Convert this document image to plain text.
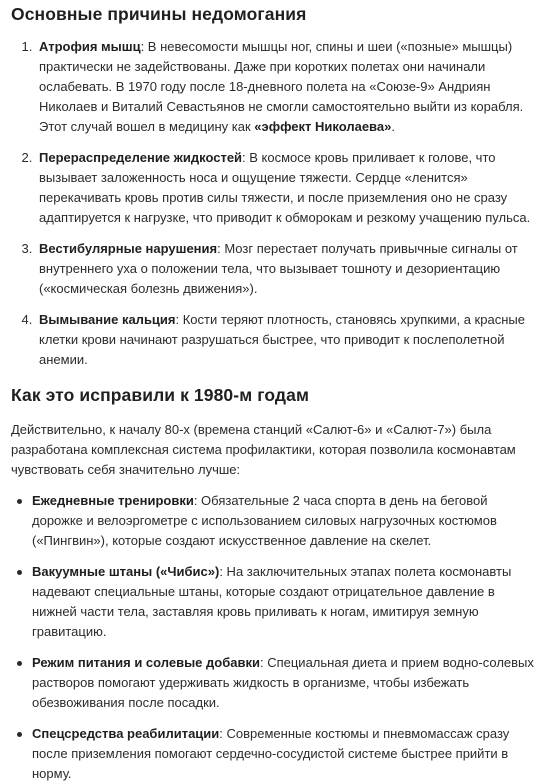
Основные причины недомогания
1. Атрофия мышц: В невесомости мышцы ног, спины и шеи («позные» мышцы) практически не задействованы. Даже при коротких полетах они начинали ослабевать. В 1970 году после 18-дневного полета на «Союзе-9» Андриян Николаев и Виталий Севастьянов не смогли самостоятельно выйти из корабля. Этот случай вошел в медицину как «эффект Николаева».
2. Перераспределение жидкостей: В космосе кровь приливает к голове, что вызывает заложенность носа и ощущение тяжести. Сердце «ленится» перекачивать кровь против силы тяжести, и после приземления оно не сразу адаптируется к нагрузке, что приводит к обморокам и резкому учащению пульса.
3. Вестибулярные нарушения: Мозг перестает получать привычные сигналы от внутреннего уха о положении тела, что вызывает тошноту и дезориентацию («космическая болезнь движения»).
4. Вымывание кальция: Кости теряют плотность, становясь хрупкими, а красные клетки крови начинают разрушаться быстрее, что приводит к послеполетной анемии.
Как это исправили к 1980-м годам

Действительно, к началу 80-х (времена станций «Салют-6» и «Салют-7») была разработана комплексная система профилактики, которая позволила космонавтам чувствовать себя значительно лучше:

Ежедневные тренировки: Обязательные 2 часа спорта в день на беговой дорожке и велоэргометре с использованием силовых нагрузочных костюмов («Пингвин»), которые создают искусственное давление на скелет.
Вакуумные штаны («Чибис»): На заключительных этапах полета космонавты надевают специальные штаны, которые создают отрицательное давление в нижней части тела, заставляя кровь приливать к ногам, имитируя земную гравитацию.
Режим питания и солевые добавки: Специальная диета и прием водно-солевых растворов помогают удерживать жидкость в организме, чтобы избежать обезвоживания после посадки.
Спецсредства реабилитации: Современные костюмы и пневмомассаж сразу после приземления помогают сердечно-сосудистой системе быстрее прийти в норму.
